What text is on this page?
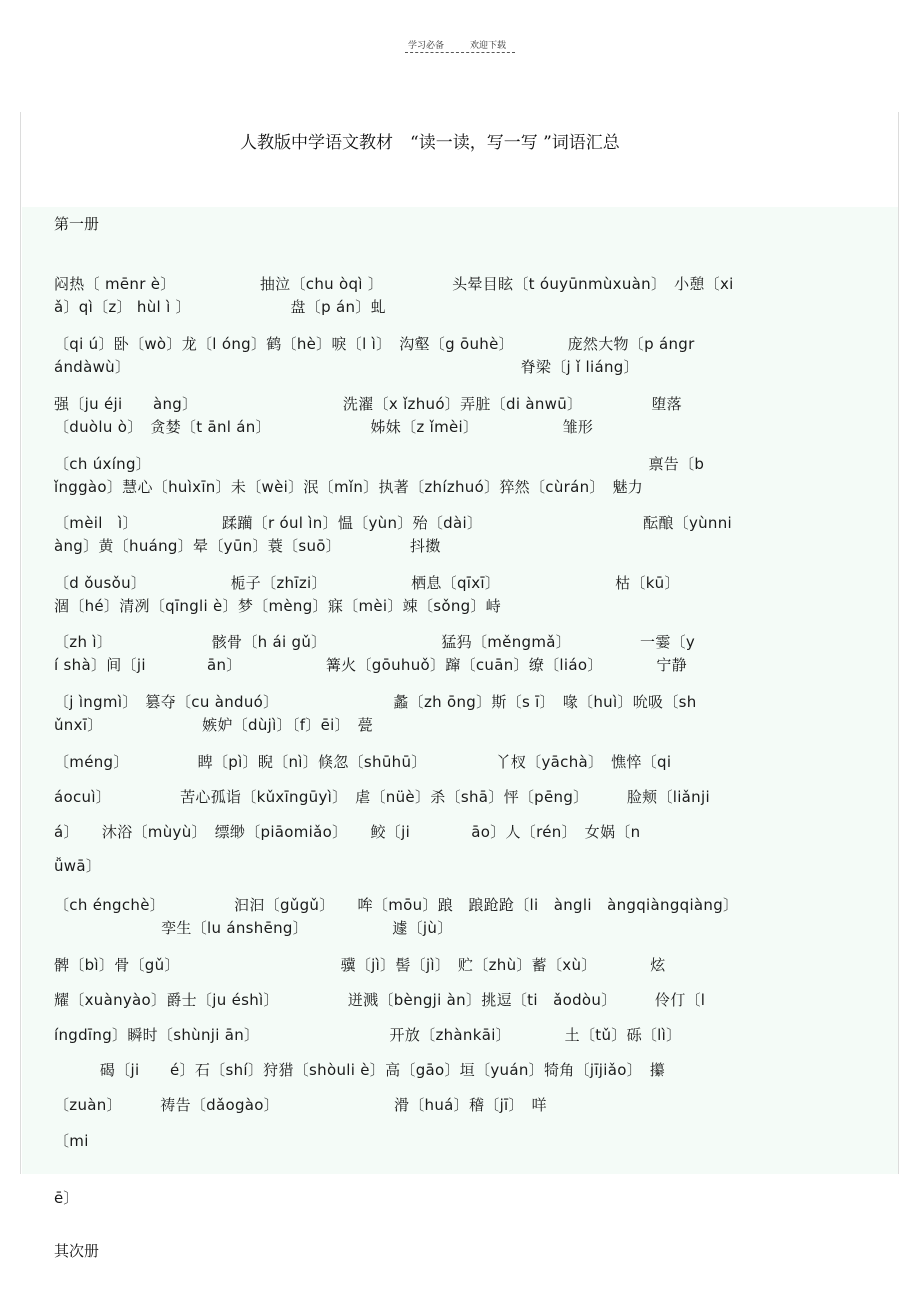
学习必备	欢迎下载
人教版中学语文教材　“读一读，写一写 ”词语汇总
第一册
闷热〔 mēnr è〕　　　　　　抽泣〔chu òqì 〕　　　　　头晕目眩〔t óuyūnmùxuàn〕　小憩〔xi
ǎ〕qì〔z〕 hùl ì 〕　　　　　　　盘〔p án〕虬
〔qi ú〕卧〔wò〕龙〔l óng〕鹤〔hè〕唳〔l ì〕　沟壑〔g ōuhè〕　　　　庞然大物〔p ángr
ándàwù〕　　　　　　　　　　　　　　　　　　　　　　　　　　脊梁〔j ǐ liáng〕
强〔ju éji　　àng〕　　　　　　　　　　洗濯〔x ǐzhuó〕弄脏〔di ànwū〕　　　　　堕落
〔duòlu ò〕　贪婪〔t ānl án〕　　　　　　　姊妹〔z ǐmèi〕　　　　　　雏形
〔ch úxíng〕　　　　　　　　　　　　　　　　　　　　　　　　　　　　　　　　　禀告〔b
ǐnggào〕慧心〔huìxīn〕未〔wèi〕泯〔mǐn〕执著〔zhízhuó〕猝然〔cùrán〕　魅力
〔mèil　ì〕　　　　　　蹂躏〔r óul ìn〕愠〔yùn〕殆〔dài〕　　　　　　　　　　　酝酿〔yùnni
àng〕黄〔huáng〕晕〔yūn〕蓑〔suō〕　　　　　抖擞
〔d ǒusǒu〕　　　　　　栀子〔zhīzi〕　　　　　　栖息〔qīxī〕　　　　　　　　枯〔kū〕
涸〔hé〕清冽〔qīngli è〕梦〔mèng〕寐〔mèi〕竦〔sǒng〕峙
〔zh ì〕　　　　　　　骸骨〔h ái gǔ〕　　　　　　　　猛犸〔měngmǎ〕　　　　　一霎〔y
í shà〕间〔ji　　　　ān〕　　　　　　篝火〔gōuhuǒ〕蹿〔cuān〕缭〔liáo〕　　　　宁静
〔j ìngmì〕　篡夺〔cu ànduó〕　　　　　　　　蠡〔zh ōng〕斯〔s ī〕　喙〔huì〕吮吸〔sh
ǔnxī〕　　　　　　　嫉妒〔dùjì〕〔f〕ēi〕　甍
〔méng〕　　　　　睥〔pì〕睨〔nì〕倏忽〔shūhū〕　　　　　丫杈〔yāchà〕　憔悴〔qi
áocuì〕　　　　　苦心孤诣〔kǔxīngūyì〕　虐〔nüè〕杀〔shā〕怦〔pēng〕　　　脸颊〔liǎnji
á〕　　沐浴〔mùyù〕　缥缈〔piāomiǎo〕　　鲛〔ji　　　　āo〕人〔rén〕　女娲〔n
ǚwā〕
〔ch éngchè〕　　　　　汩汩〔gǔgǔ〕　　哞〔mōu〕踉　踉跄跄〔li　àngli　àngqiàngqiàng〕
　　　　　　　孪生〔lu ánshēng〕　　　　　　遽〔jù〕
髀〔bì〕骨〔gǔ〕　　　　　　　　　　　骥〔jì〕髻〔jì〕　贮〔zhù〕蓄〔xù〕　　　　炫
耀〔xuànyào〕爵士〔ju éshì〕　　　　　迸溅〔bèngji àn〕挑逗〔ti　ǎodòu〕　　　伶仃〔l
íngdīng〕瞬时〔shùnji ān〕　　　　　　　　　开放〔zhànkāi〕　　　　土〔tǔ〕砾〔lì〕
　　　碣〔ji　　é〕石〔shí〕狩猎〔shòuli è〕高〔gāo〕垣〔yuán〕犄角〔jījiǎo〕　攥
〔zuàn〕　　　祷告〔dǎogào〕　　　　　　　　滑〔huá〕稽〔jī〕　咩
〔mi
ē〕
其次册
